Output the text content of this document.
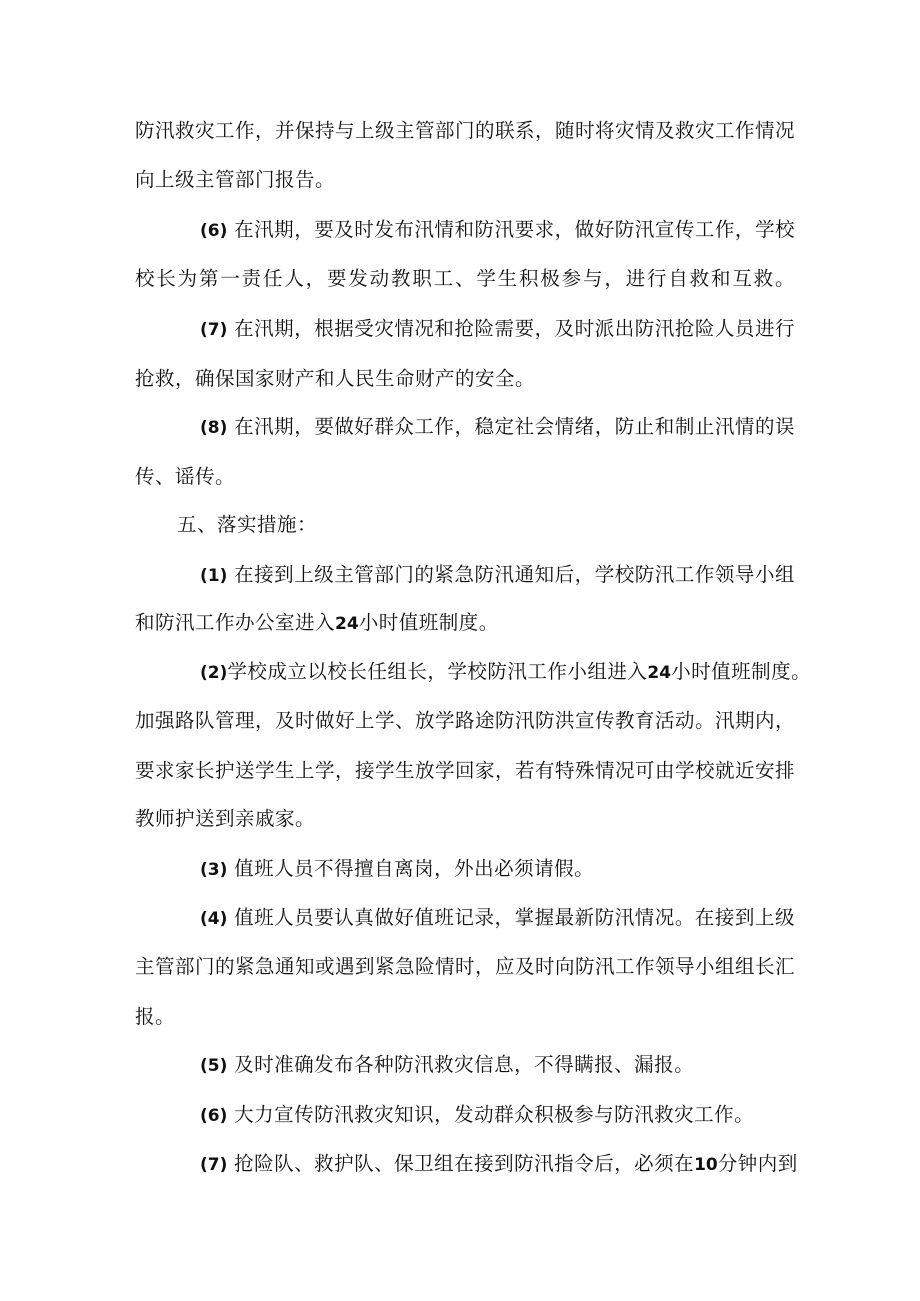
防汛救灾工作，并保持与上级主管部门的联系，随时将灾情及救灾工作情况
向上级主管部门报告。
(6) 在汛期，要及时发布汛情和防汛要求，做好防汛宣传工作，学校
校长为第一责任人，要发动教职工、学生积极参与，进行自救和互救。
(7) 在汛期，根据受灾情况和抢险需要，及时派出防汛抢险人员进行
抢救，确保国家财产和人民生命财产的安全。
(8) 在汛期，要做好群众工作，稳定社会情绪，防止和制止汛情的误
传、谣传。
五、落实措施：
(1) 在接到上级主管部门的紧急防汛通知后，学校防汛工作领导小组
和防汛工作办公室进入24小时值班制度。
(2)学校成立以校长任组长，学校防汛工作小组进入24小时值班制度。
加强路队管理，及时做好上学、放学路途防汛防洪宣传教育活动。汛期内，
要求家长护送学生上学，接学生放学回家，若有特殊情况可由学校就近安排
教师护送到亲戚家。
(3) 值班人员不得擅自离岗，外出必须请假。
(4) 值班人员要认真做好值班记录，掌握最新防汛情况。在接到上级
主管部门的紧急通知或遇到紧急险情时，应及时向防汛工作领导小组组长汇
报。
(5) 及时准确发布各种防汛救灾信息，不得瞒报、漏报。
(6) 大力宣传防汛救灾知识，发动群众积极参与防汛救灾工作。
(7) 抢险队、救护队、保卫组在接到防汛指令后，必须在10分钟内到
